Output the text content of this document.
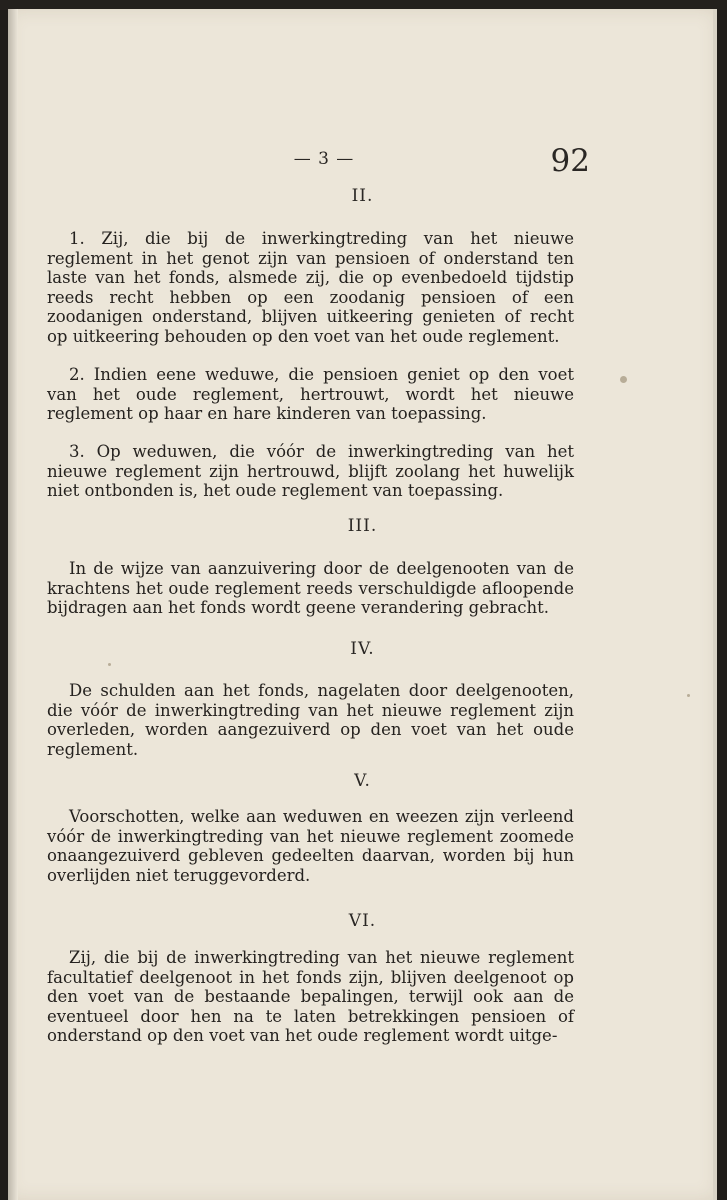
— 3 —	92
II.
1. Zij, die bij de inwerkingtreding van het nieuwe reglement in het genot zijn van pensioen of onderstand ten laste van het fonds, alsmede zij, die op evenbedoeld tijdstip reeds recht hebben op een zoodanig pensioen of een zoodanigen onderstand, blijven uitkeering genieten of recht op uitkeering behouden op den voet van het oude reglement.
2. Indien eene weduwe, die pensioen geniet op den voet van het oude reglement, hertrouwt, wordt het nieuwe reglement op haar en hare kinderen van toepassing.
3. Op weduwen, die vóór de inwerkingtreding van het nieuwe reglement zijn hertrouwd, blijft zoolang het huwelijk niet ontbonden is, het oude reglement van toepassing.
III.
In de wijze van aanzuivering door de deelgenooten van de krachtens het oude reglement reeds verschuldigde afloopende bijdragen aan het fonds wordt geene verandering gebracht.
IV.
De schulden aan het fonds, nagelaten door deelgenooten, die vóór de inwerkingtreding van het nieuwe reglement zijn overleden, worden aangezuiverd op den voet van het oude reglement.
V.
Voorschotten, welke aan weduwen en weezen zijn verleend vóór de inwerkingtreding van het nieuwe reglement zoomede onaangezuiverd gebleven gedeelten daarvan, worden bij hun overlijden niet teruggevorderd.
VI.
Zij, die bij de inwerkingtreding van het nieuwe reglement facultatief deelgenoot in het fonds zijn, blijven deelgenoot op den voet van de bestaande bepalingen, terwijl ook aan de eventueel door hen na te laten betrekkingen pensioen of onderstand op den voet van het oude reglement wordt uitge-
